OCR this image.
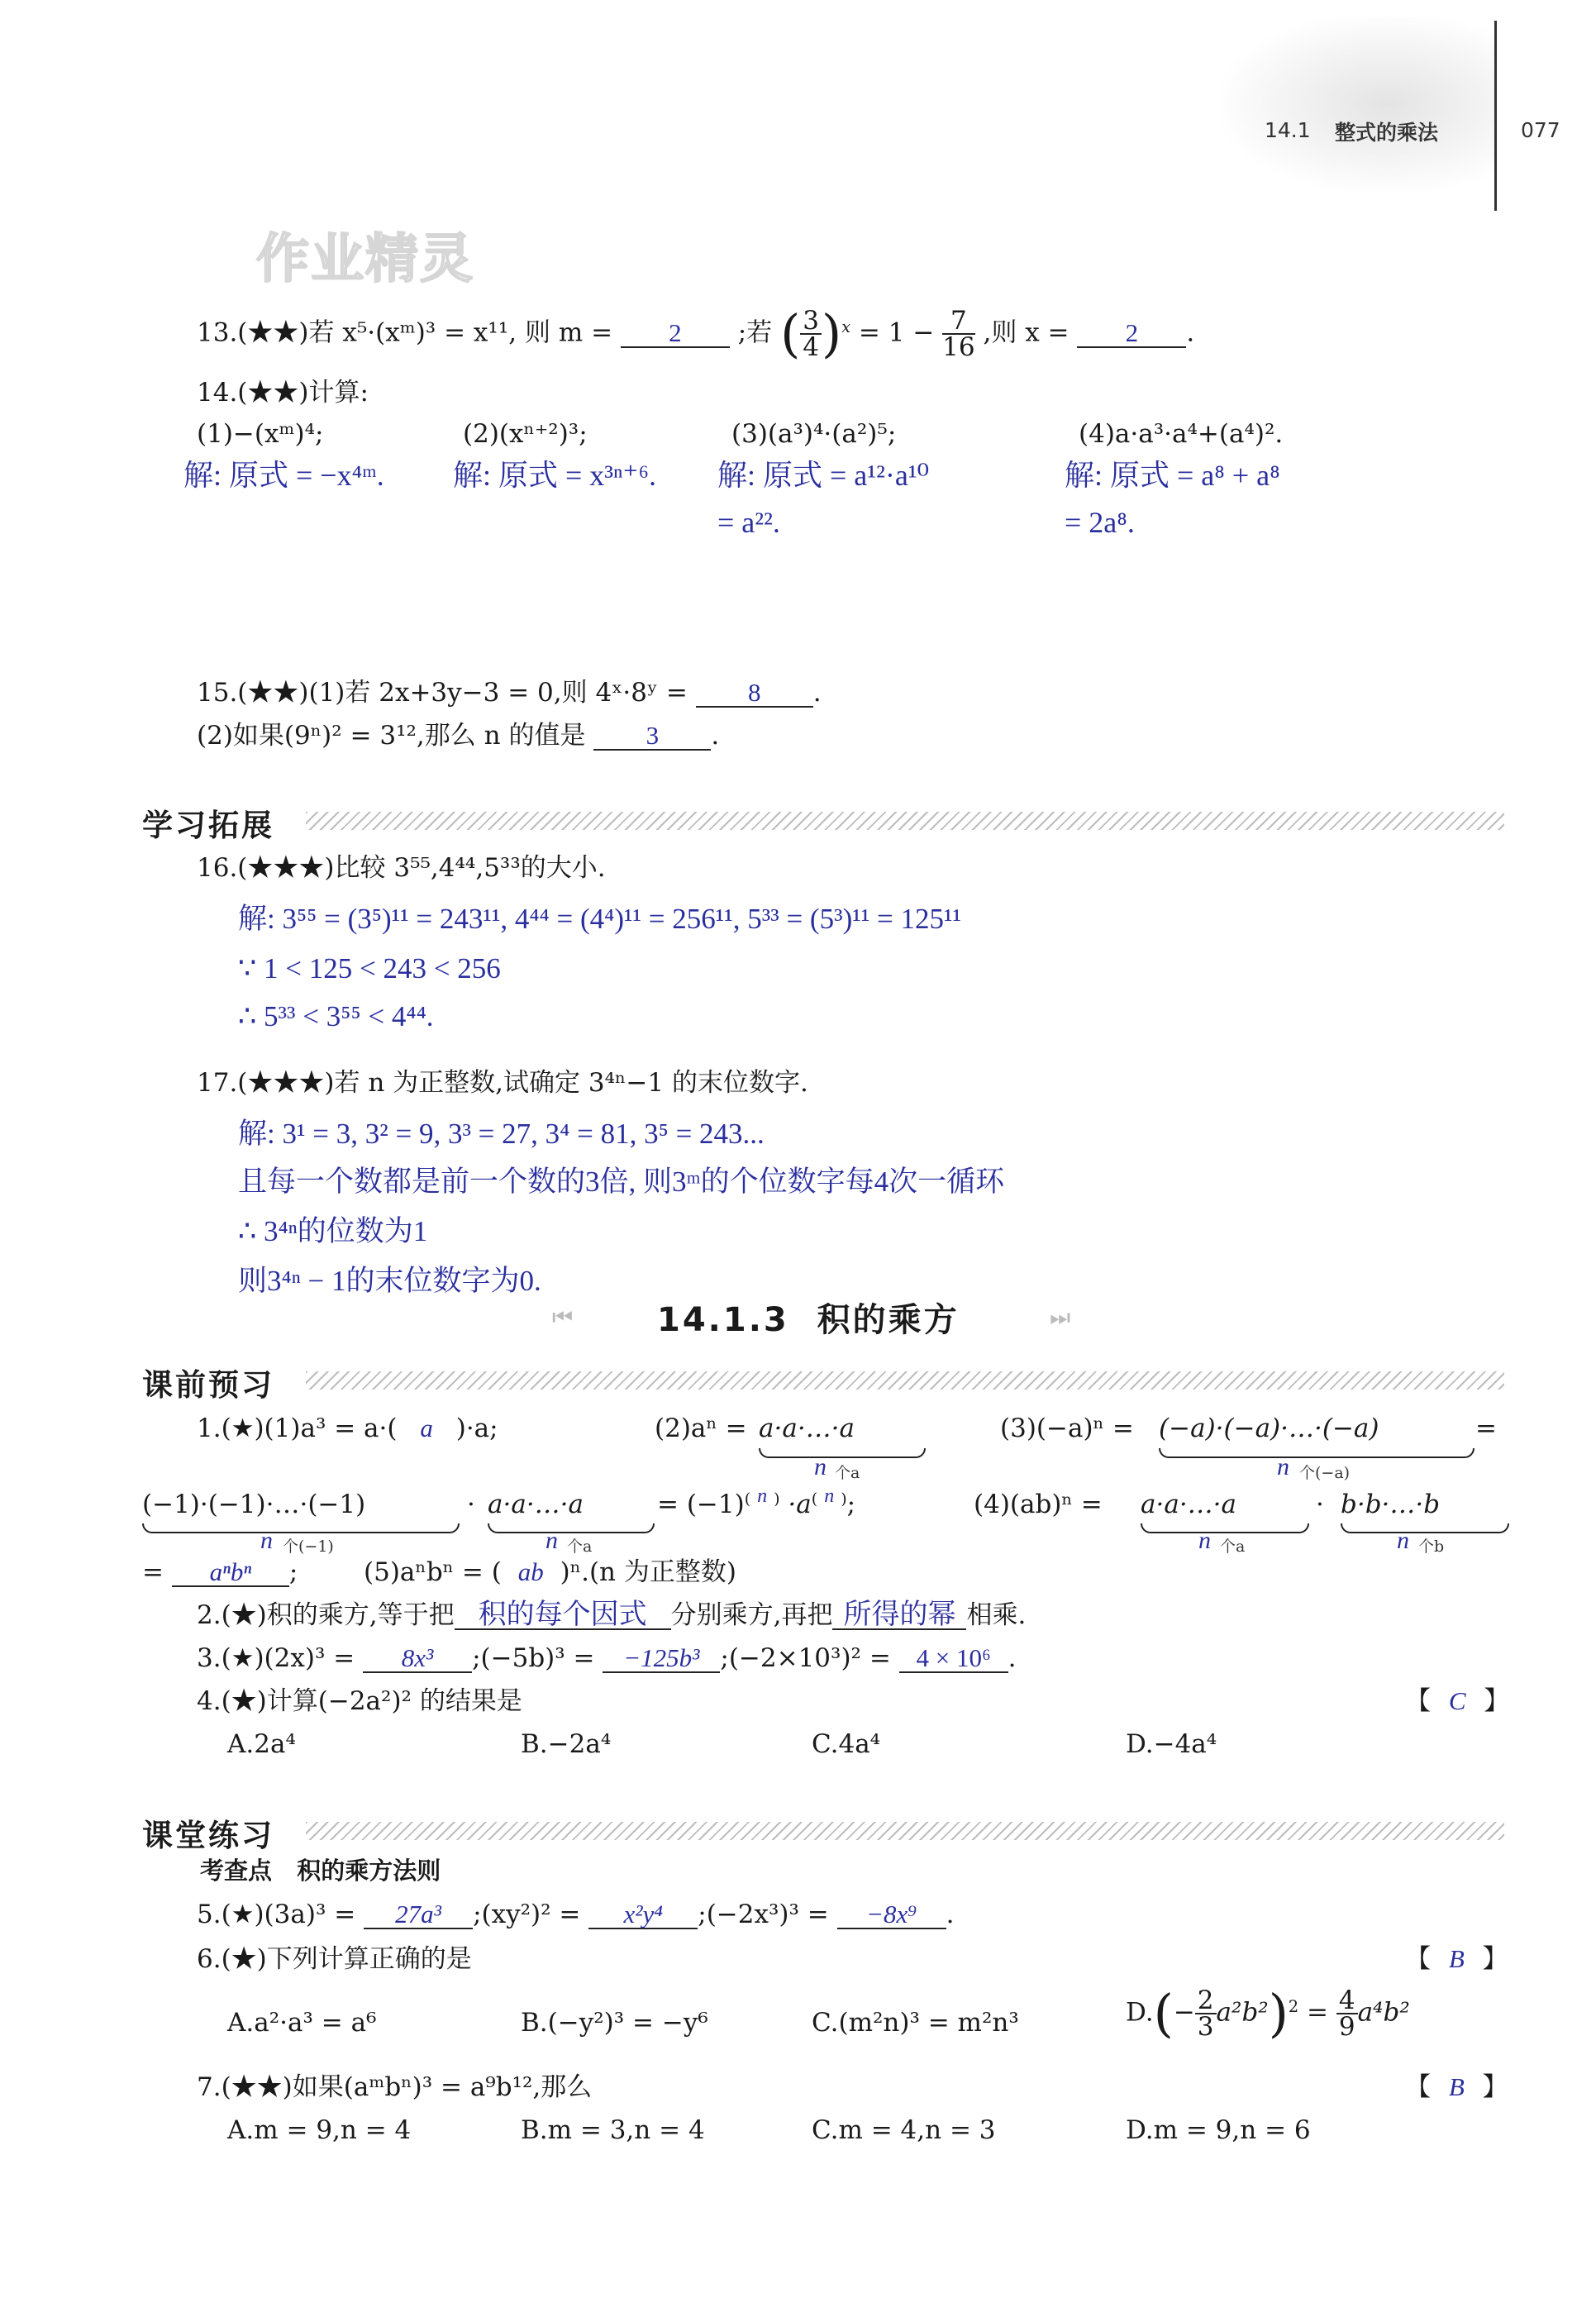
14.1 整式的乘法	077
作业精灵
13.(★★)若 x⁵·(xᵐ)³ = x¹¹, 则 m = 2 ;若 ( $\frac{3}{4} )^x = 1 - \frac{7}{16}$ ,则 x = 2 .
14.(★★)计算:
(1)−(xᵐ)⁴;	(2)(xⁿ⁺²)³;	(3)(a³)⁴·(a²)⁵;	(4)a·a³·a⁴+(a⁴)².
解: 原式 = −x⁴ᵐ. 解: 原式 = x³ⁿ⁺⁶. 解: 原式 = a¹²·a¹⁰	解: 原式 = a⁸ + a⁸
= a²².	= 2a⁸.
15.(★★)(1)若 2x+3y−3 = 0,则 4ˣ·8ʸ = 8 .
(2)如果(9ⁿ)² = 3¹²,那么 n 的值是 3 .
学习拓展
16.(★★★)比较 3⁵⁵,4⁴⁴,5³³的大小.
解: 3⁵⁵ = (3⁵)¹¹ = 243¹¹, 4⁴⁴ = (4⁴)¹¹ = 256¹¹, 5³³ = (5³)¹¹ = 125¹¹
∵ 1 < 125 < 243 < 256
∴ 5³³ < 3⁵⁵ < 4⁴⁴.
17.(★★★)若 n 为正整数,试确定 3⁴ⁿ−1 的末位数字.
解: 3¹ = 3, 3² = 9, 3³ = 27, 3⁴ = 81, 3⁵ = 243...
且每一个数都是前一个数的3倍, 则3ᵐ的个位数字每4次一循环
∴ 3⁴ⁿ的位数为1
则3⁴ⁿ − 1的末位数字为0.
⏮	14.1.3  积的乘方	⏭
课前预习
1.(★)(1)a³ = a·( a )·a;	(2)aⁿ = a·a·…·a
n 个a
(3)(−a)ⁿ = (−a)·(−a)·…·(−a)
n 个(−a)
=
(−1)·(−1)·…·(−1)
n 个(−1)
· a·a·…·a
n 个a
= (−1)( $^n$ ) ·a( $^n$ );	(4)(ab)ⁿ = a·a·…·a
n 个a
· b·b·…·b
n 个b
= aⁿbⁿ ;	(5)aⁿbⁿ = ( ab )ⁿ.(n 为正整数)
2.(★)积的乘方,等于把 积的每个因式 分别乘方,再把 所得的幂 相乘.
3.(★)(2x)³ = 8x³ ;(−5b)³ = −125b³ ;(−2×10³)² = 4 × 10⁶ .
4.(★)计算(−2a²)² 的结果是	【 C 】
A.2a⁴	B.−2a⁴	C.4a⁴	D.−4a⁴
课堂练习
考查点   积的乘方法则
5.(★)(3a)³ = 27a³ ;(xy²)² = x²y⁴ ;(−2x³)³ = −8x⁹ .
6.(★)下列计算正确的是	【 B 】
A.a²·a³ = a⁶	B.(−y²)³ = −y⁶	C.(m²n)³ = m²n³	$D.(- \frac{2}{3} a^2b^2)^2 = \frac{4}{9} a^4b^2$
7.(★★)如果(aᵐbⁿ)³ = a⁹b¹²,那么	【 B 】
A.m = 9,n = 4	B.m = 3,n = 4	C.m = 4,n = 3	D.m = 9,n = 6
